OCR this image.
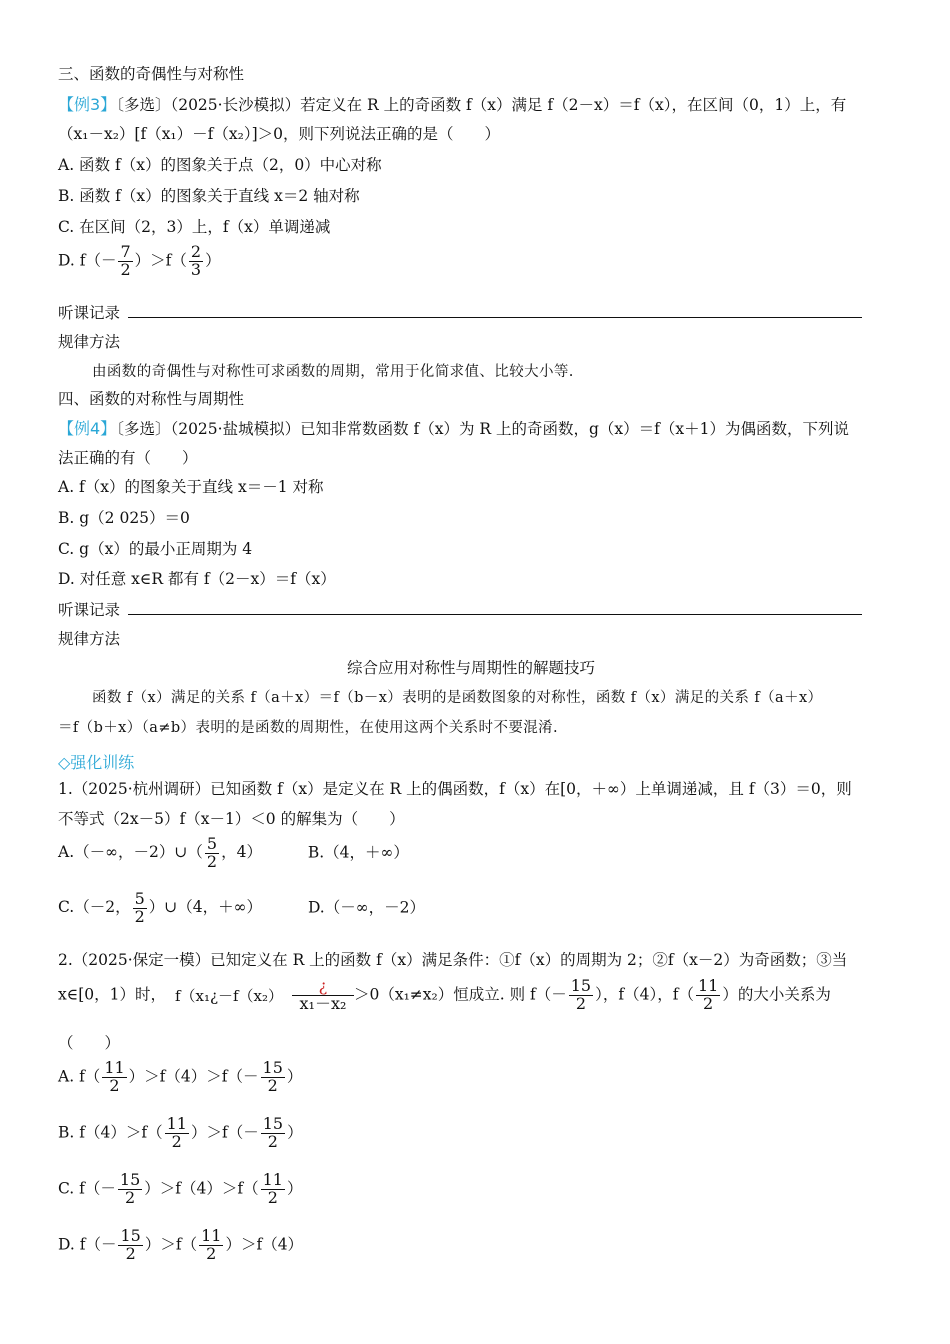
三、函数的奇偶性与对称性
【例3】〔多选〕（2025·长沙模拟）若定义在 R 上的奇函数 f（x）满足 f（2－x）＝f（x），在区间（0，1）上，有
（x₁－x₂）[f（x₁）－f（x₂）]＞0，则下列说法正确的是（　　）
A. 函数 f（x）的图象关于点（2，0）中心对称
B. 函数 f（x）的图象关于直线 x＝2 轴对称
C. 在区间（2，3）上，f（x）单调递减
D. $f(- \frac{7}{2} )>f( \frac{2}{3}$ ）
听课记录
规律方法
由函数的奇偶性与对称性可求函数的周期，常用于化简求值、比较大小等.
四、函数的对称性与周期性
【例4】〔多选〕（2025·盐城模拟）已知非常数函数 f（x）为 R 上的奇函数，g（x）＝f（x＋1）为偶函数，下列说
法正确的有（　　）
A. f（x）的图象关于直线 x＝－1 对称
B. g（2 025）＝0
C. g（x）的最小正周期为 4
D. 对任意 x∈R 都有 f（2－x）＝f（x）
听课记录
规律方法
综合应用对称性与周期性的解题技巧
函数 f（x）满足的关系 f（a＋x）＝f（b－x）表明的是函数图象的对称性，函数 f（x）满足的关系 f（a＋x）
＝f（b＋x）（a≠b）表明的是函数的周期性，在使用这两个关系时不要混淆.
◇强化训练
1.（2025·杭州调研）已知函数 f（x）是定义在 R 上的偶函数，f（x）在[0，＋∞）上单调递减，且 f（3）＝0，则
不等式（2x－5）f（x－1）＜0 的解集为（　　）
A.（－∞，－2）∪（ $\frac{5}{2}$ ，4）	B.（4，＋∞）
C.（－2， $\frac{5}{2}$ ）∪（4，＋∞）	D.（－∞，－2）
2.（2025·保定一模）已知定义在 R 上的函数 f（x）满足条件：①f（x）的周期为 2；②f（x－2）为奇函数；③当
x∈[0，1）时， f（x₁¿－f（x₂） $\frac{¿}{\text{x₁－x₂}} >0(x_1\ne x_2)$恒成立. 则 $f(- \frac{15}{2}$ ），f（4），$f( \frac{11}{2}$ ）的大小关系为
（　　）
A. $f( \frac{11}{2} )>f(4)>f(- \frac{15}{2}$ ）
B. $f(4)>f( \frac{11}{2} )>f(- \frac{15}{2}$ ）
C. $f(- \frac{15}{2} )>f(4)>f( \frac{11}{2}$ ）
D. $f(- \frac{15}{2} )>f( \frac{11}{2} )>f(4)$
